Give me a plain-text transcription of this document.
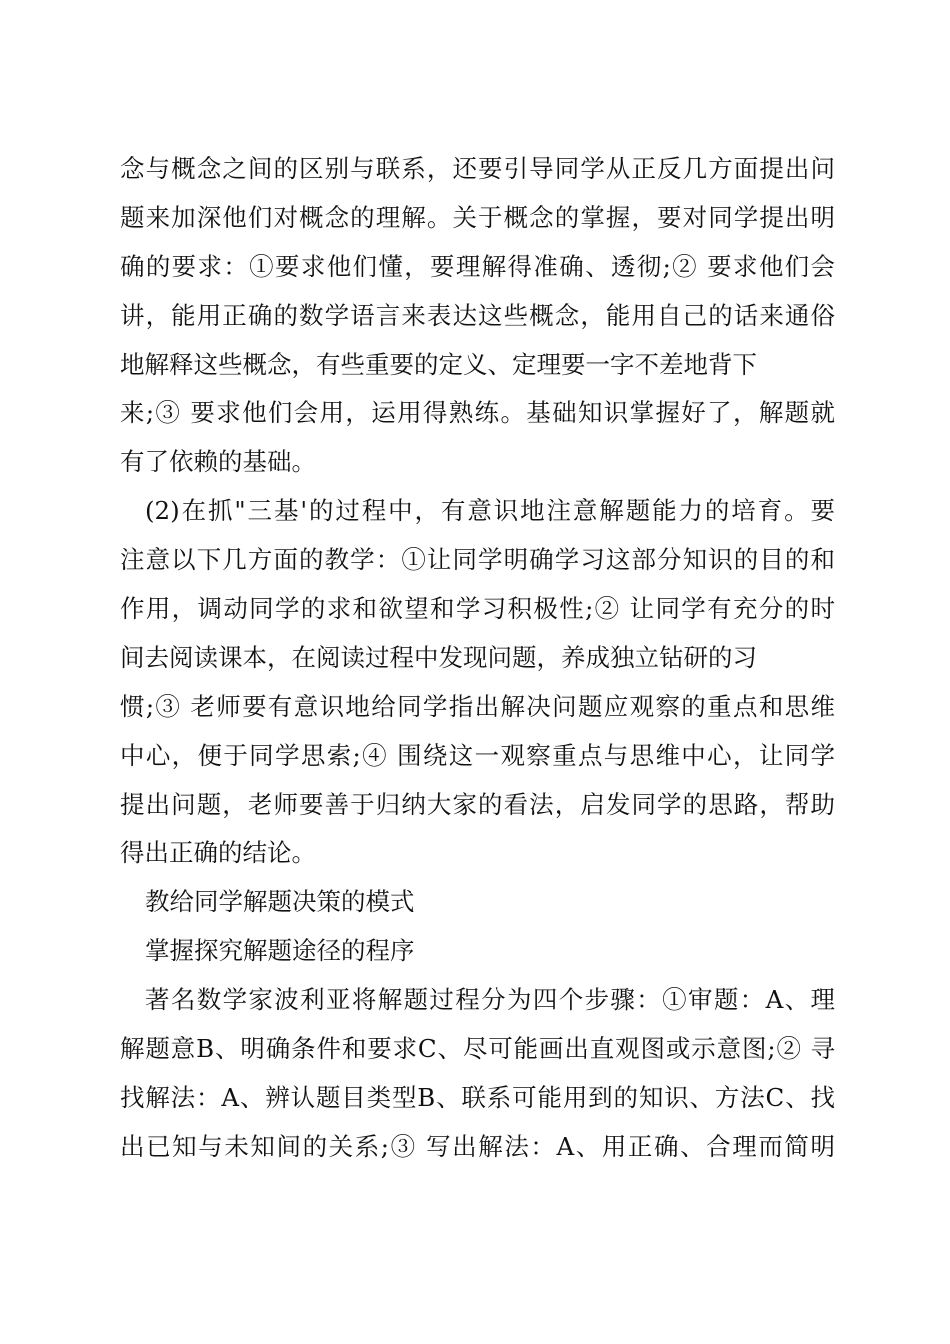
念与概念之间的区别与联系，还要引导同学从正反几方面提出问
题来加深他们对概念的理解。关于概念的掌握，要对同学提出明
确的要求：①要求他们懂，要理解得准确、透彻;② 要求他们会
讲，能用正确的数学语言来表达这些概念，能用自己的话来通俗
地解释这些概念，有些重要的定义、定理要一字不差地背下
来;③ 要求他们会用，运用得熟练。基础知识掌握好了，解题就
有了依赖的基础。
(2)在抓"三基'的过程中，有意识地注意解题能力的培育。要
注意以下几方面的教学：①让同学明确学习这部分知识的目的和
作用，调动同学的求和欲望和学习积极性;② 让同学有充分的时
间去阅读课本，在阅读过程中发现问题，养成独立钻研的习
惯;③ 老师要有意识地给同学指出解决问题应观察的重点和思维
中心，便于同学思索;④ 围绕这一观察重点与思维中心，让同学
提出问题，老师要善于归纳大家的看法，启发同学的思路，帮助
得出正确的结论。
教给同学解题决策的模式
掌握探究解题途径的程序
著名数学家波利亚将解题过程分为四个步骤：①审题：A、理
解题意B、明确条件和要求C、尽可能画出直观图或示意图;② 寻
找解法：A、辨认题目类型B、联系可能用到的知识、方法C、找
出已知与未知间的关系;③ 写出解法：A、用正确、合理而简明
